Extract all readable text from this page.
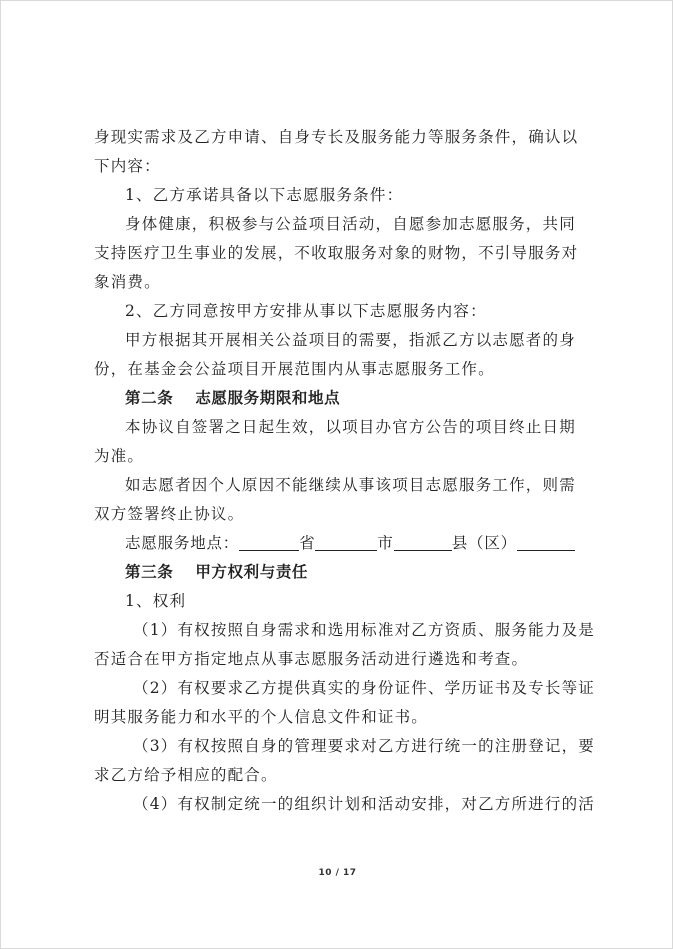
身现实需求及乙方申请、自身专长及服务能力等服务条件，确认以
下内容：
1、乙方承诺具备以下志愿服务条件：
身体健康，积极参与公益项目活动，自愿参加志愿服务，共同
支持医疗卫生事业的发展，不收取服务对象的财物，不引导服务对
象消费。
2、乙方同意按甲方安排从事以下志愿服务内容：
甲方根据其开展相关公益项目的需要，指派乙方以志愿者的身
份，在基金会公益项目开展范围内从事志愿服务工作。
第二条 志愿服务期限和地点
本协议自签署之日起生效，以项目办官方公告的项目终止日期
为准。
如志愿者因个人原因不能继续从事该项目志愿服务工作，则需
双方签署终止协议。
志愿服务地点：	省	市	县（区）
第三条 甲方权利与责任
1、权利
（1）有权按照自身需求和选用标准对乙方资质、服务能力及是
否适合在甲方指定地点从事志愿服务活动进行遴选和考查。
（2）有权要求乙方提供真实的身份证件、学历证书及专长等证
明其服务能力和水平的个人信息文件和证书。
（3）有权按照自身的管理要求对乙方进行统一的注册登记，要
求乙方给予相应的配合。
（4）有权制定统一的组织计划和活动安排，对乙方所进行的活
10 / 17
